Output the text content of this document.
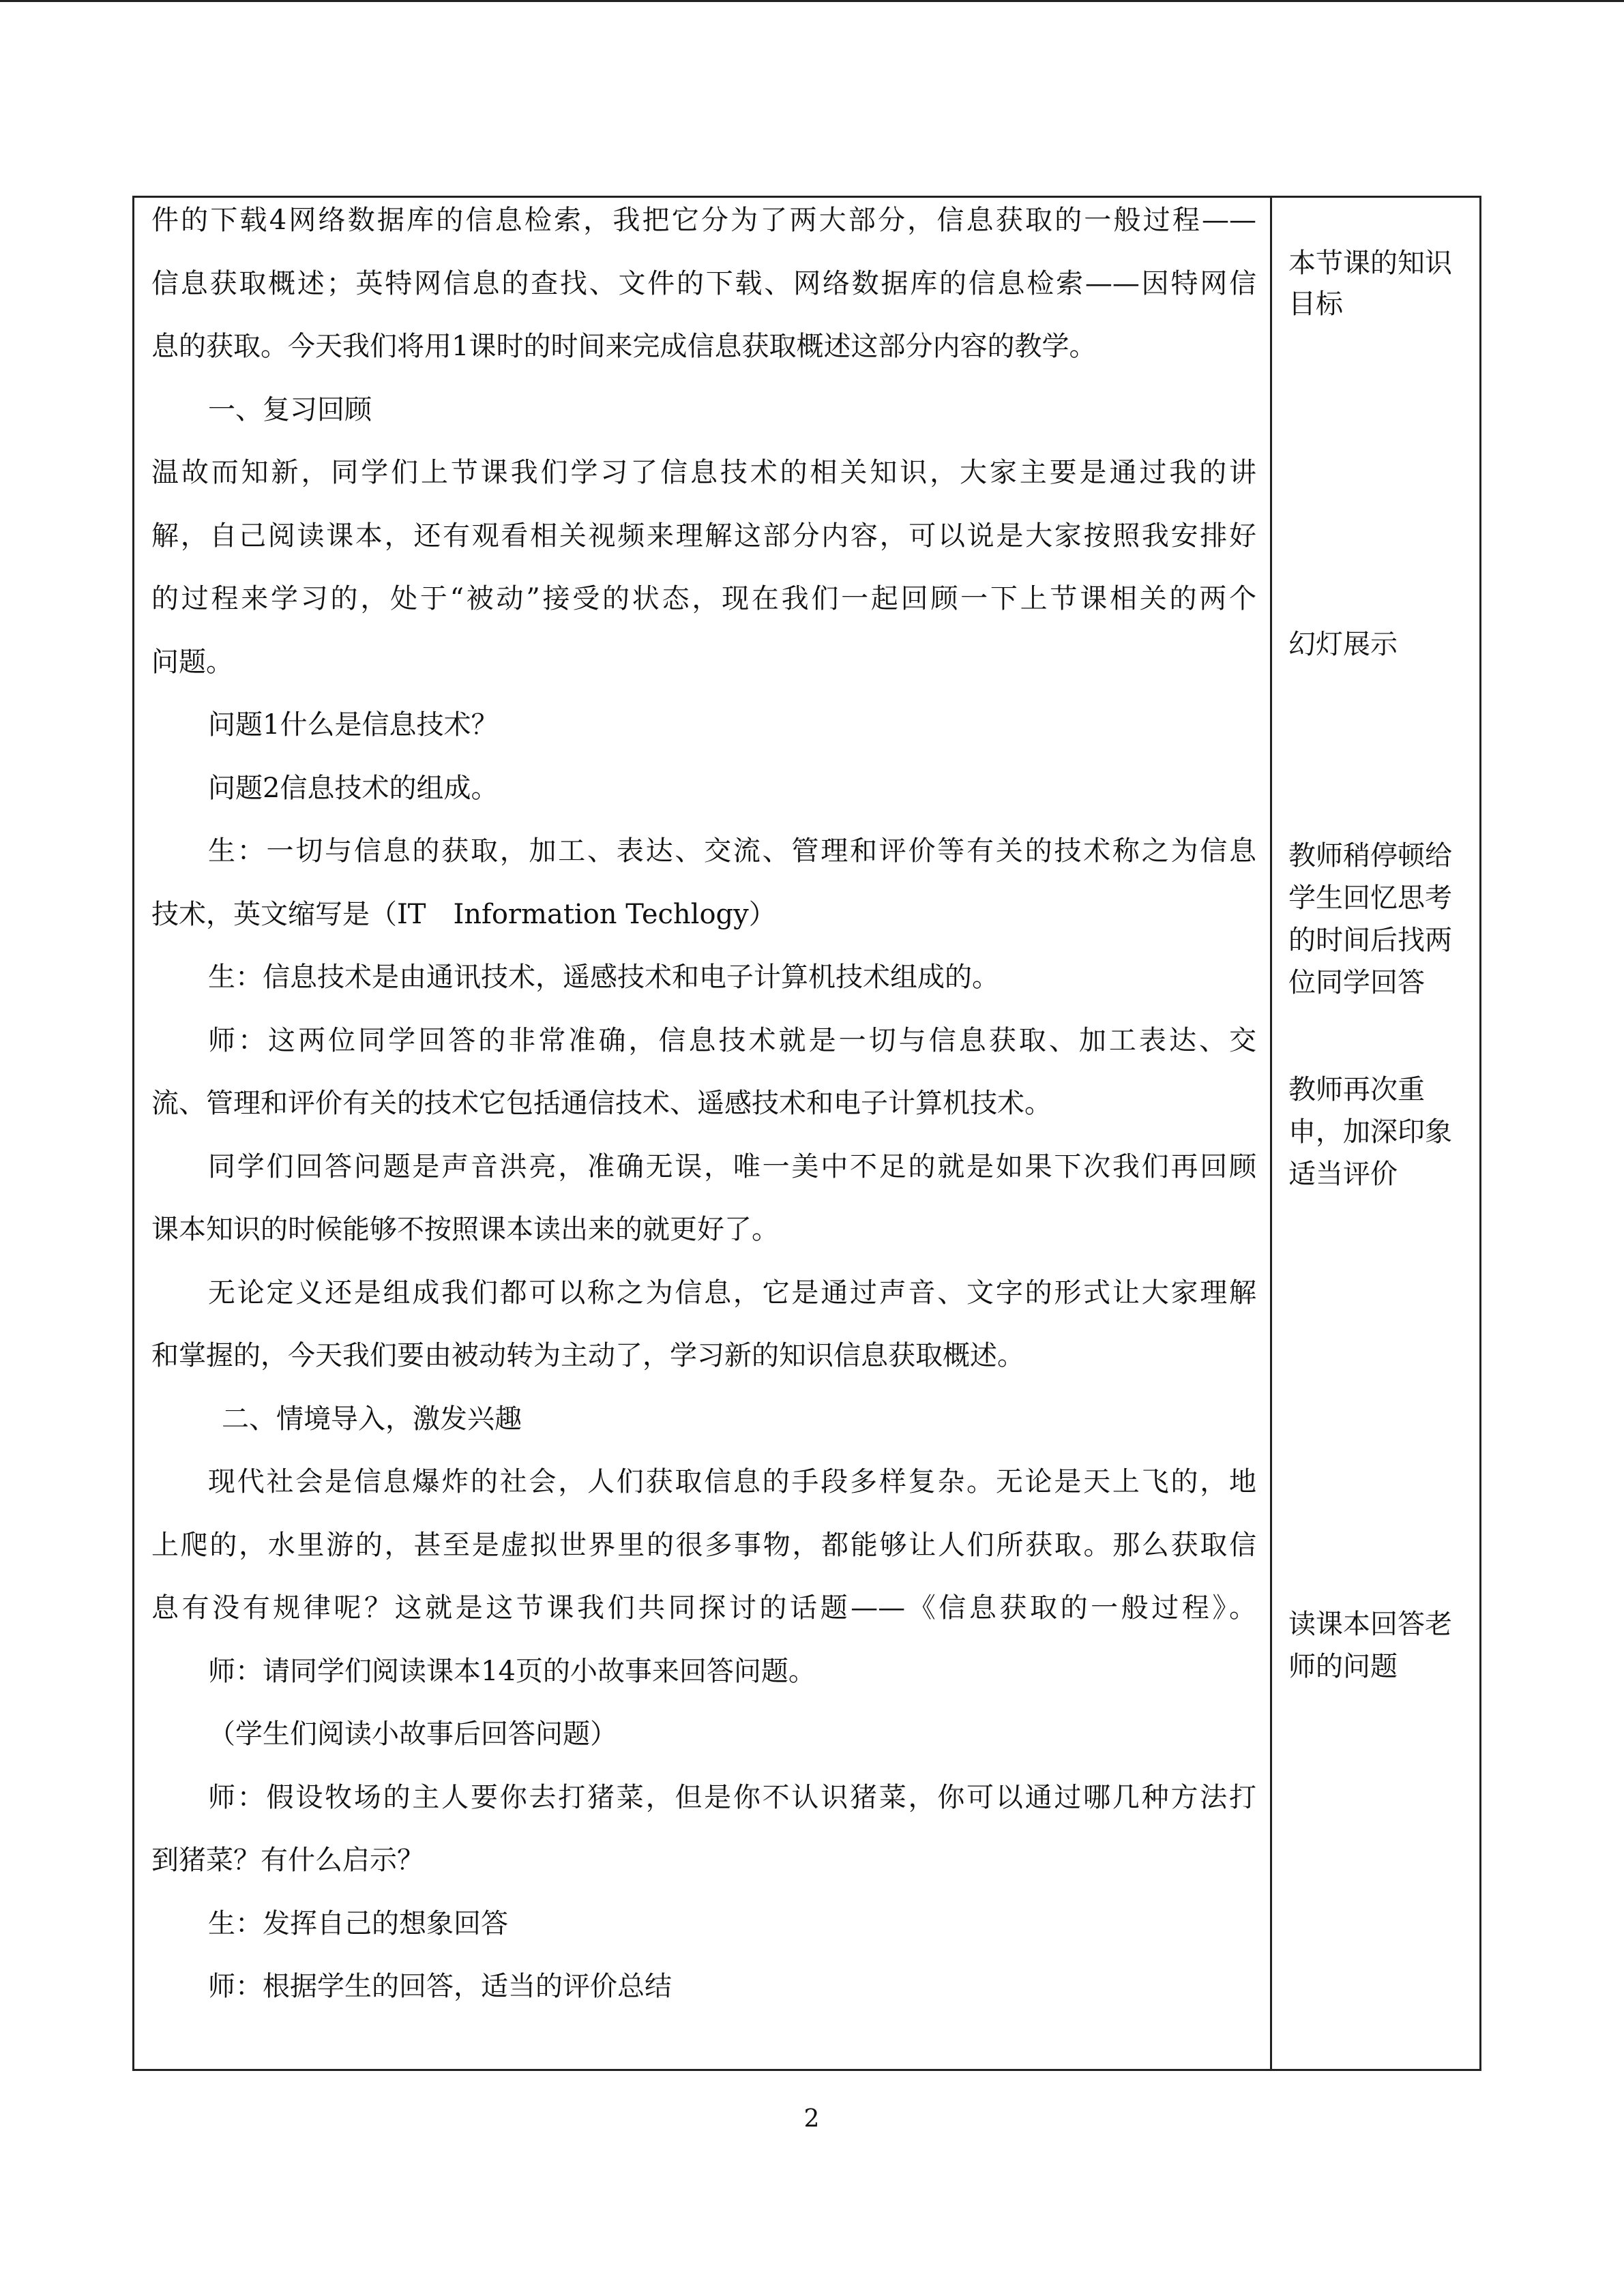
件的下载4网络数据库的信息检索，我把它分为了两大部分，信息获取的一般过程——
信息获取概述；英特网信息的查找、文件的下载、网络数据库的信息检索——因特网信
息的获取。今天我们将用1课时的时间来完成信息获取概述这部分内容的教学。
一、复习回顾
温故而知新，同学们上节课我们学习了信息技术的相关知识，大家主要是通过我的讲
解，自己阅读课本，还有观看相关视频来理解这部分内容，可以说是大家按照我安排好
的过程来学习的，处于“被动”接受的状态，现在我们一起回顾一下上节课相关的两个
问题。
问题1什么是信息技术？
问题2信息技术的组成。
生：一切与信息的获取，加工、表达、交流、管理和评价等有关的技术称之为信息
技术，英文缩写是（IT　Information Techlogy）
生：信息技术是由通讯技术，遥感技术和电子计算机技术组成的。
师：这两位同学回答的非常准确，信息技术就是一切与信息获取、加工表达、交
流、管理和评价有关的技术它包括通信技术、遥感技术和电子计算机技术。
同学们回答问题是声音洪亮，准确无误，唯一美中不足的就是如果下次我们再回顾
课本知识的时候能够不按照课本读出来的就更好了。
无论定义还是组成我们都可以称之为信息，它是通过声音、文字的形式让大家理解
和掌握的，今天我们要由被动转为主动了，学习新的知识信息获取概述。
二、情境导入，激发兴趣
现代社会是信息爆炸的社会，人们获取信息的手段多样复杂。无论是天上飞的，地
上爬的，水里游的，甚至是虚拟世界里的很多事物，都能够让人们所获取。那么获取信
息有没有规律呢？这就是这节课我们共同探讨的话题——《信息获取的一般过程》。
师：请同学们阅读课本14页的小故事来回答问题。
（学生们阅读小故事后回答问题）
师：假设牧场的主人要你去打猪菜，但是你不认识猪菜，你可以通过哪几种方法打
到猪菜？有什么启示？
生：发挥自己的想象回答
师：根据学生的回答，适当的评价总结
本节课的知识
目标
幻灯展示
教师稍停顿给
学生回忆思考
的时间后找两
位同学回答
教师再次重
申，加深印象
适当评价
读课本回答老
师的问题
2
